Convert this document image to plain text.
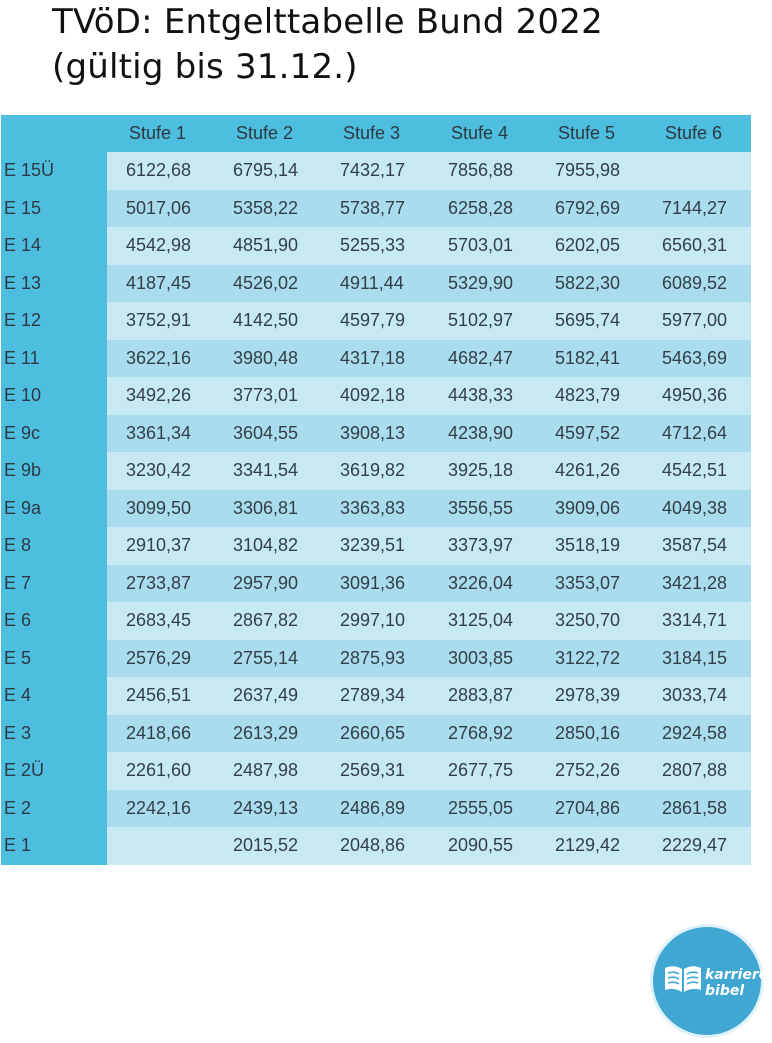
TVöD: Entgelttabelle Bund 2022
(gültig bis 31.12.)
	Stufe 1	Stufe 2	Stufe 3	Stufe 4	Stufe 5	Stufe 6
E 15Ü	6122,68	6795,14	7432,17	7856,88	7955,98	
E 15	5017,06	5358,22	5738,77	6258,28	6792,69	7144,27
E 14	4542,98	4851,90	5255,33	5703,01	6202,05	6560,31
E 13	4187,45	4526,02	4911,44	5329,90	5822,30	6089,52
E 12	3752,91	4142,50	4597,79	5102,97	5695,74	5977,00
E 11	3622,16	3980,48	4317,18	4682,47	5182,41	5463,69
E 10	3492,26	3773,01	4092,18	4438,33	4823,79	4950,36
E 9c	3361,34	3604,55	3908,13	4238,90	4597,52	4712,64
E 9b	3230,42	3341,54	3619,82	3925,18	4261,26	4542,51
E 9a	3099,50	3306,81	3363,83	3556,55	3909,06	4049,38
E 8	2910,37	3104,82	3239,51	3373,97	3518,19	3587,54
E 7	2733,87	2957,90	3091,36	3226,04	3353,07	3421,28
E 6	2683,45	2867,82	2997,10	3125,04	3250,70	3314,71
E 5	2576,29	2755,14	2875,93	3003,85	3122,72	3184,15
E 4	2456,51	2637,49	2789,34	2883,87	2978,39	3033,74
E 3	2418,66	2613,29	2660,65	2768,92	2850,16	2924,58
E 2Ü	2261,60	2487,98	2569,31	2677,75	2752,26	2807,88
E 2	2242,16	2439,13	2486,89	2555,05	2704,86	2861,58
E 1		2015,52	2048,86	2090,55	2129,42	2229,47
karriere
bibel
